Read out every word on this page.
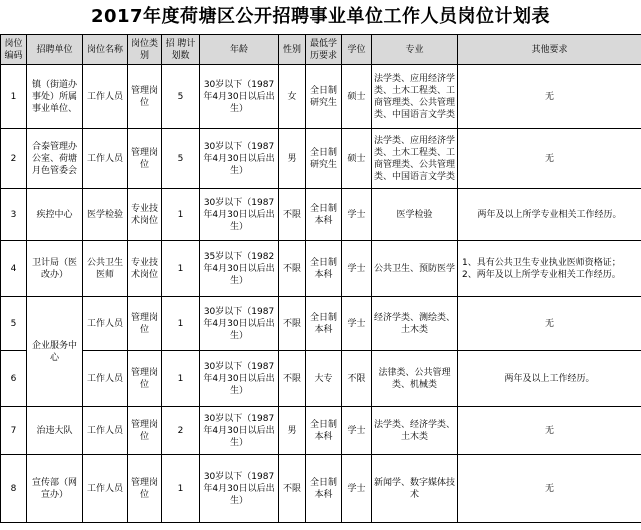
2017年度荷塘区公开招聘事业单位工作人员岗位计划表
岗位编码	招聘单位	岗位名称	岗位类别	招 聘计划数	年龄	性别	最低学历要求	学位	专业	其他要求
1	镇（街道办事处）所属事业单位、	工作人员	管理岗位	5	30岁以下（1987年4月30日以后出生）	女	全日制研究生	硕士	法学类、应用经济学类、土木工程类、工商管理类、公共管理类、中国语言文学类	无
2	合泰管理办公室、荷塘月色管委会	工作人员	管理岗位	5	30岁以下（1987年4月30日以后出生）	男	全日制研究生	硕士	法学类、应用经济学类、土木工程类、工商管理类、公共管理类、中国语言文学类	无
3	疾控中心	医学检验	专业技术岗位	1	30岁以下（1987年4月30日以后出生）	不限	全日制本科	学士	医学检验	两年及以上所学专业相关工作经历。
4	卫计局（医改办）	公共卫生医师	专业技术岗位	1	35岁以下（1982年4月30日以后出生）	不限	全日制本科	学士	公共卫生、预防医学	1、具有公共卫生专业执业医师资格证；
2、两年及以上所学专业相关工作经历。

5	企业服务中心	工作人员	管理岗位	1	30岁以下（1987年4月30日以后出生）	不限	全日制本科	学士	经济学类、测绘类、土木类	无
6		工作人员	管理岗位	1	30岁以下（1987年4月30日以后出生）	不限	大专	不限	法律类、公共管理类、机械类	两年及以上工作经历。
7	治违大队	工作人员	管理岗位	2	30岁以下（1987年4月30日以后出生）	男	全日制本科	学士	法学类、经济学类、土木类	无
8	宣传部（网宣办）	工作人员	管理岗位	1	30岁以下（1987年4月30日以后出生）	不限	全日制本科	学士	新闻学、数字媒体技术	无
